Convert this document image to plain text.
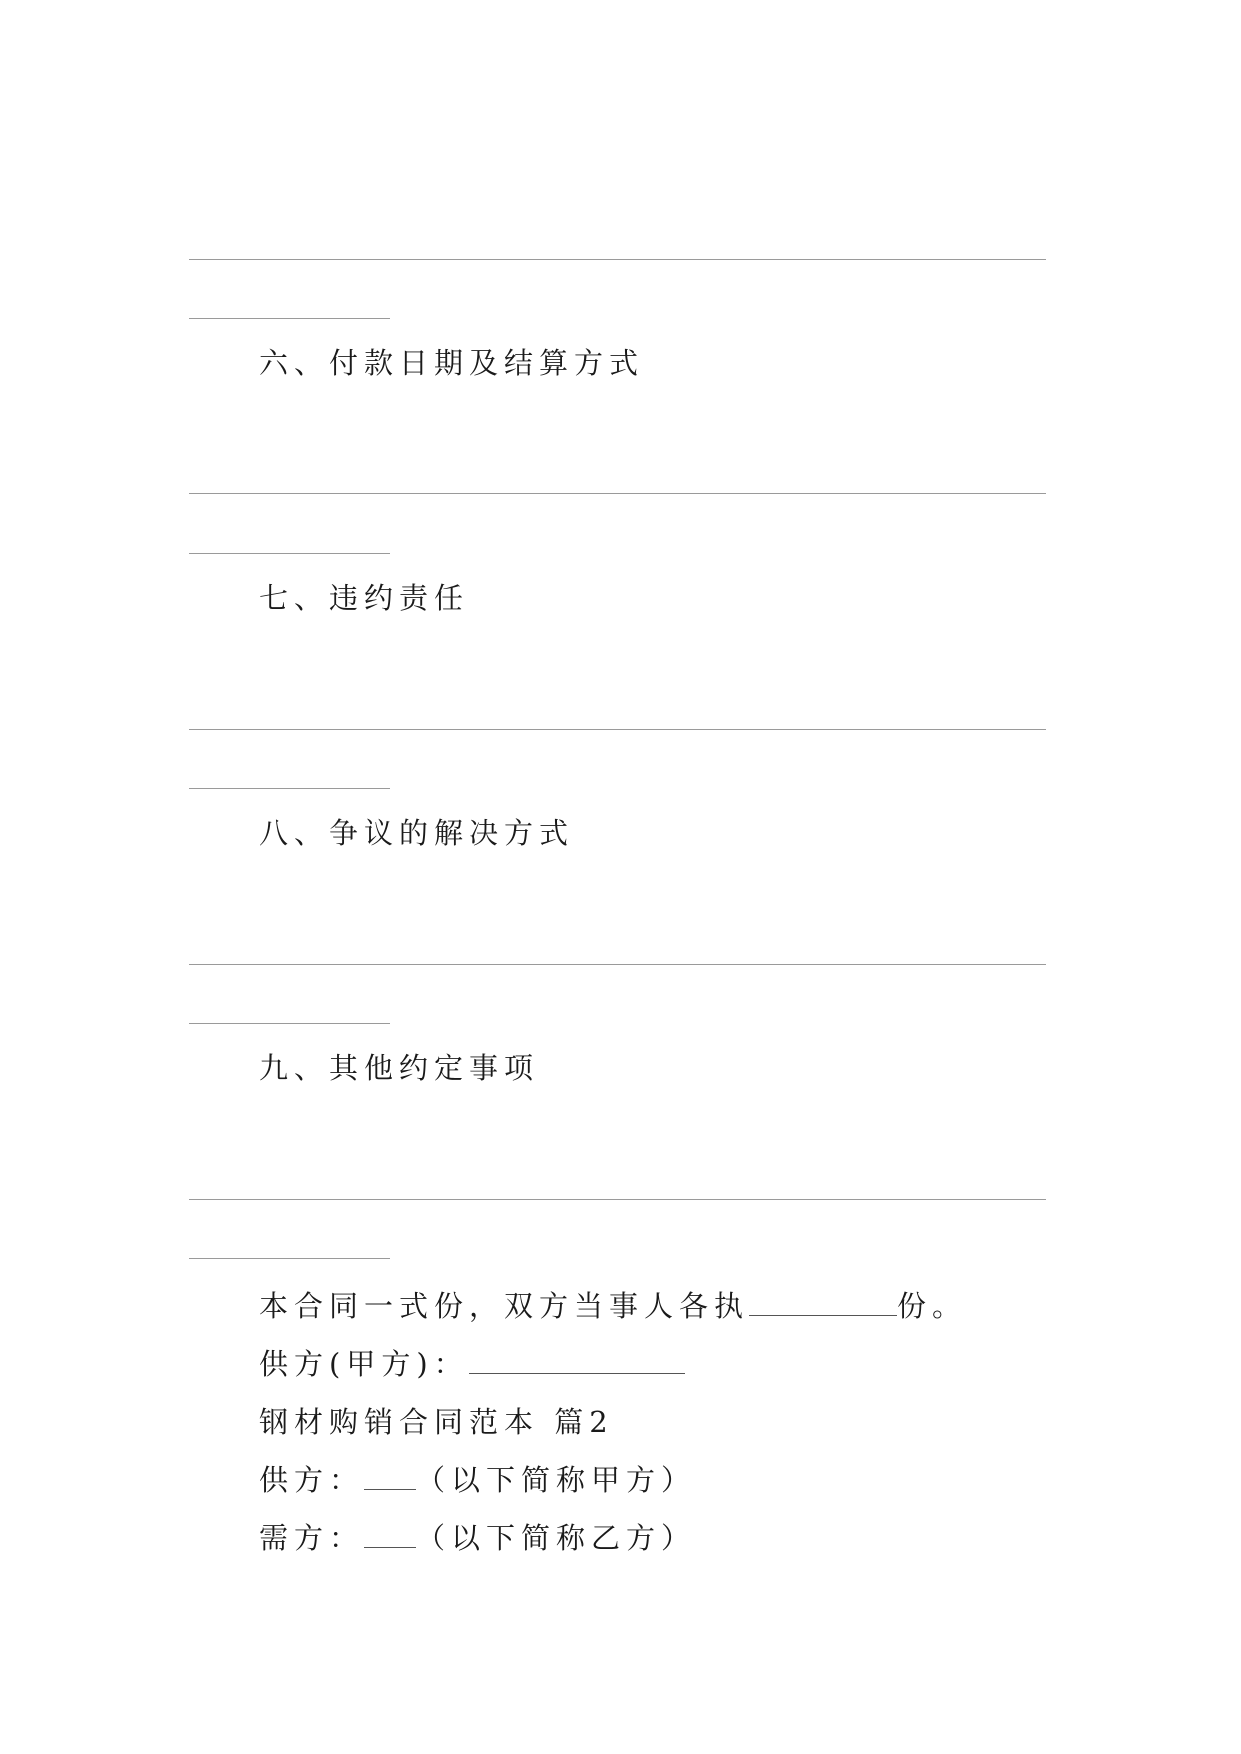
六、付款日期及结算方式
七、违约责任
八、争议的解决方式
九、其他约定事项
本合同一式份，双方当事人各执	份。
供方(甲方)：
钢材购销合同范本 篇2
供方： （以下简称甲方）
需方： （以下简称乙方）
